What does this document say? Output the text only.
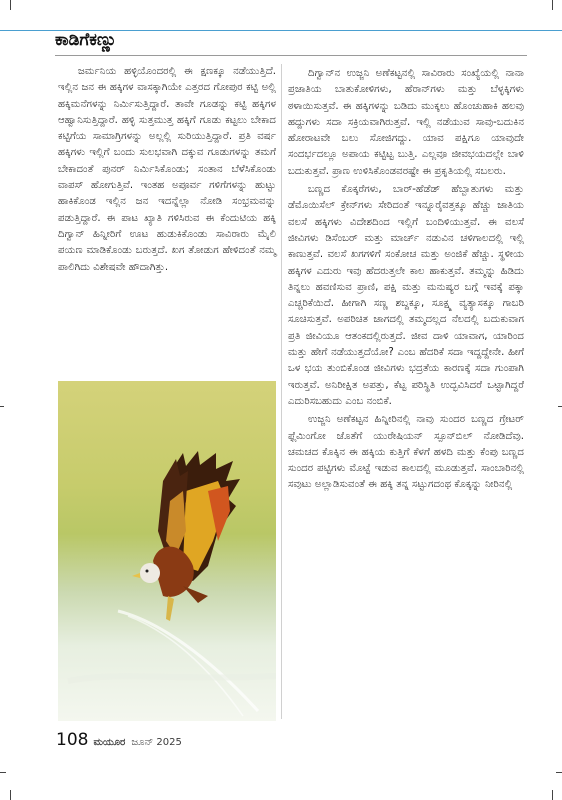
ಕಾಡಿಗೆಕಣ್ಣು

ಜರ್ಮನಿಯ ಹಳ್ಳಿಯೊಂದರಲ್ಲಿ ಈ ಕ್ಷಣಕ್ಕೂ ನಡೆಯುತ್ತಿದೆ. ಇಲ್ಲಿನ ಜನ ಈ ಹಕ್ಕಿಗಳ ವಾಸಕ್ಕಾಗಿಯೇ ಎತ್ತರದ ಗೋಪುರ ಕಟ್ಟಿ ಅಲ್ಲಿ ಹಕ್ಕಿಮನೆಗಳನ್ನು ನಿರ್ಮಿಸುತ್ತಿದ್ದಾರೆ. ತಾವೇ ಗೂಡನ್ನು ಕಟ್ಟಿ ಹಕ್ಕಿಗಳ ಆಹ್ವಾನಿಸುತ್ತಿದ್ದಾರೆ. ಹಳ್ಳಿ ಸುತ್ತಮುತ್ತ ಹಕ್ಕಿಗೆ ಗೂಡು ಕಟ್ಟಲು ಬೇಕಾದ ಕಟ್ಟಿಗೆಯ ಸಾಮಾಗ್ರಿಗಳನ್ನು ಅಲ್ಲಲ್ಲಿ ಸುರಿಯುತ್ತಿದ್ದಾರೆ. ಪ್ರತಿ ವರ್ಷ ಹಕ್ಕಿಗಳು ಇಲ್ಲಿಗೆ ಬಂದು ಸುಲಭವಾಗಿ ದಕ್ಕುವ ಗೂಡುಗಳನ್ನು ತಮಗೆ ಬೇಕಾದಂತೆ ಪುನರ್ ನಿರ್ಮಿಸಿಕೊಂಡು; ಸಂತಾನ ಬೆಳೆಸಿಕೊಂಡು ವಾಪಸ್ ಹೋಗುತ್ತಿವೆ. ಇಂತಹ ಅಪೂರ್ವ ಗಳಿಗೆಗಳನ್ನು ಹುಟ್ಟು ಹಾಕಿಕೊಂಡ ಇಲ್ಲಿನ ಜನ ಇದನ್ನೆಲ್ಲಾ ನೋಡಿ ಸಂಭ್ರಮವನ್ನು ಪಡುತ್ತಿದ್ದಾರೆ. ಈ ಪಾಟ ಖ್ಯಾತಿ ಗಳಿಸಿರುವ ಈ ಕೆಂದುಟಿಯ ಹಕ್ಕಿ ದಿಗ್ವಾನ್ ಹಿನ್ನೀರಿಗೆ ಊಟ ಹುಡುಕಿಕೊಂಡು ಸಾವಿರಾರು ಮೈಲಿ ಪಯಣ ಮಾಡಿಕೊಂಡು ಬರುತ್ತದೆ. ಖಗ ತೋಡುಗ ಹೇಳಿದಂತೆ ನಮ್ಮ ಪಾಲಿಗಿದು ವಿಶೇಷವೇ ಹೌದಾಗಿತ್ತು.

ದಿಗ್ವಾನ್‌ನ ಉಜ್ಜನಿ ಅಣೆಕಟ್ಟನಲ್ಲಿ ಸಾವಿರಾರು ಸಂಖ್ಯೆಯಲ್ಲಿ ನಾನಾ ಪ್ರಜಾತಿಯ ಬಾತುಕೋಳಿಗಳು, ಹೆರಾನ್‌ಗಳು ಮತ್ತು ಬೆಳ್ಳಕ್ಕಿಗಳು ಠಳಾಯಿಸುತ್ತವೆ. ಈ ಹಕ್ಕಿಗಳನ್ನು ಬಡಿದು ಮುಕ್ಕಲು ಹೊಂಚುಹಾಕಿ ಹಲವು ಹದ್ದುಗಳು ಸದಾ ಸಕ್ರಿಯವಾಗಿರುತ್ತವೆ. ಇಲ್ಲಿ ನಡೆಯುವ ಸಾವು-ಬದುಕಿನ ಹೋರಾಟವೇ ಬಲು ಸೋಜಿಗದ್ದು. ಯಾವ ಪಕ್ಷಿಗೂ ಯಾವುದೇ ಸಂದರ್ಭದಲ್ಲೂ ಅಪಾಯ ಕಟ್ಟಿಟ್ಟ ಬುತ್ತಿ. ಎಲ್ಲವೂ ಜೀವಭಯದಲ್ಲೇ ಬಾಳಿ ಬದುಕುತ್ತವೆ. ಪ್ರಾಣ ಉಳಿಸಿಕೊಂಡವರಷ್ಟೇ ಈ ಪ್ರಕೃತಿಯಲ್ಲಿ ಸಬಲರು.

ಬಣ್ಣದ ಕೊಕ್ಕರೆಗಳು, ಬಾರ್-ಹೆಡೆಡ್ ಹೆಬ್ಬಾತುಗಳು ಮತ್ತು ಡೆಮೊಯಿಸೆಲ್ ಕ್ರೇನ್‌ಗಳು ಸೇರಿದಂತೆ ಇನ್ನೂರೈವತ್ತಕ್ಕೂ ಹೆಚ್ಚು ಜಾತಿಯ ವಲಸೆ ಹಕ್ಕಿಗಳು ವಿದೇಶದಿಂದ ಇಲ್ಲಿಗೆ ಬಂದಿಳಿಯುತ್ತವೆ. ಈ ವಲಸೆ ಜೀವಿಗಳು ಡಿಸೆಂಬರ್ ಮತ್ತು ಮಾರ್ಚ್ ನಡುವಿನ ಚಳಿಗಾಲದಲ್ಲಿ ಇಲ್ಲಿ ಕಾಣುತ್ತವೆ. ವಲಸೆ ಖಗಗಳಿಗೆ ಸಂಕೋಚ ಮತ್ತು ಅಂಜಿಕೆ ಹೆಚ್ಚು. ಸ್ಥಳೀಯ ಹಕ್ಕಿಗಳ ಎದುರು ಇವು ಹೆದರುತ್ತಲೇ ಕಾಲ ಹಾಕುತ್ತವೆ. ತಮ್ಮನ್ನು ಹಿಡಿದು ತಿನ್ನಲು ಹವಣಿಸುವ ಪ್ರಾಣಿ, ಪಕ್ಷಿ ಮತ್ತು ಮನುಷ್ಯರ ಬಗ್ಗೆ ಇವಕ್ಕೆ ಪಕ್ಕಾ ಎಚ್ಚರಿಕೆಯಿದೆ. ಹೀಗಾಗಿ ಸಣ್ಣ ಶಬ್ದಕ್ಕೂ, ಸೂಕ್ಷ್ಮ ವ್ಯತ್ಯಾಸಕ್ಕೂ ಗಾಬರಿ ಸೂಚಿಸುತ್ತವೆ. ಅಪರಿಚಿತ ಜಾಗದಲ್ಲಿ ತಮ್ಮದಲ್ಲದ ನೆಲದಲ್ಲಿ ಬದುಕುವಾಗ ಪ್ರತಿ ಜೀವಿಯೂ ಆತಂಕದಲ್ಲಿರುತ್ತದೆ. ಜೀವ ದಾಳಿ ಯಾವಾಗ, ಯಾರಿಂದ ಮತ್ತು ಹೇಗೆ ನಡೆಯುತ್ತದೆಯೋ? ಎಂಬ ಹೆದರಿಕೆ ಸದಾ ಇದ್ದದ್ದೇನೇ. ಹೀಗೆ ಒಳ ಭಯ ತುಂಬಿಕೊಂಡ ಜೀವಿಗಳು ಭದ್ರತೆಯ ಕಾರಣಕ್ಕೆ ಸದಾ ಗುಂಪಾಗಿ ಇರುತ್ತವೆ. ಅನಿರೀಕ್ಷಿತ ಅಪತ್ತು, ಕೆಟ್ಟ ಪರಿಸ್ಥಿತಿ ಉದ್ಭವಿಸಿದರೆ ಒಟ್ಟಾಗಿದ್ದರೆ ಎದುರಿಸಬಹುದು ಎಂಬ ನಂಬಿಕೆ.

ಉಜ್ಜನಿ ಅಣೆಕಟ್ಟನ ಹಿನ್ನೀರಿನಲ್ಲಿ ನಾವು ಸುಂದರ ಬಣ್ಣದ ಗ್ರೇಟರ್ ಫ್ಲೆಮಿಂಗೋ ಜೊತೆಗೆ ಯುರೇಷಿಯನ್ ಸ್ಪೂನ್‌ಬಿಲ್ ನೋಡಿದೆವು. ಚಮಚದ ಕೊಕ್ಕಿನ ಈ ಹಕ್ಕಿಯ ಕುತ್ತಿಗೆ ಕೆಳಗೆ ಹಳದಿ ಮತ್ತು ಕೆಂಪು ಬಣ್ಣದ ಸುಂದರ ಪಟ್ಟಿಗಳು ಮೊಟ್ಟೆ ಇಡುವ ಕಾಲದಲ್ಲಿ ಮೂಡುತ್ತವೆ. ಸಾಂಬಾರಿನಲ್ಲಿ ಸವುಟು ಅಲ್ಲಾಡಿಸುವಂತೆ ಈ ಹಕ್ಕಿ ತನ್ನ ಸಟ್ಟುಗದಂಥ ಕೊಕ್ಕನ್ನು ನೀರಿನಲ್ಲಿ

108 ಮಯೂರ ಜೂನ್ 2025
